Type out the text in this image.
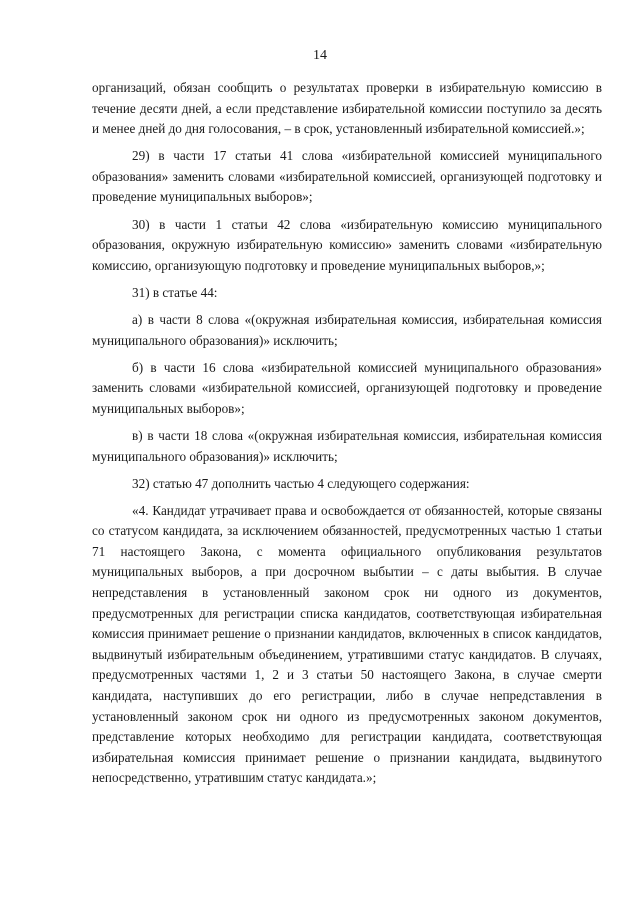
14

организаций, обязан сообщить о результатах проверки в избирательную комиссию в течение десяти дней, а если представление избирательной комиссии поступило за десять и менее дней до дня голосования, – в срок, установленный избирательной комиссией.»;

29) в части 17 статьи 41 слова «избирательной комиссией муниципального образования» заменить словами «избирательной комиссией, организующей подготовку и проведение муниципальных выборов»;

30) в части 1 статьи 42 слова «избирательную комиссию муниципального образования, окружную избирательную комиссию» заменить словами «избирательную комиссию, организующую подготовку и проведение муниципальных выборов,»;

31) в статье 44:

а) в части 8 слова «(окружная избирательная комиссия, избирательная комиссия муниципального образования)» исключить;

б) в части 16 слова «избирательной комиссией муниципального образования» заменить словами «избирательной комиссией, организующей подготовку и проведение муниципальных выборов»;

в) в части 18 слова «(окружная избирательная комиссия, избирательная комиссия муниципального образования)» исключить;

32) статью 47 дополнить частью 4 следующего содержания:

«4. Кандидат утрачивает права и освобождается от обязанностей, которые связаны со статусом кандидата, за исключением обязанностей, предусмотренных частью 1 статьи 71 настоящего Закона, с момента официального опубликования результатов муниципальных выборов, а при досрочном выбытии – с даты выбытия. В случае непредставления в установленный законом срок ни одного из документов, предусмотренных для регистрации списка кандидатов, соответствующая избирательная комиссия принимает решение о признании кандидатов, включенных в список кандидатов, выдвинутый избирательным объединением, утратившими статус кандидатов. В случаях, предусмотренных частями 1, 2 и 3 статьи 50 настоящего Закона, в случае смерти кандидата, наступивших до его регистрации, либо в случае непредставления в установленный законом срок ни одного из предусмотренных законом документов, представление которых необходимо для регистрации кандидата, соответствующая избирательная комиссия принимает решение о признании кандидата, выдвинутого непосредственно, утратившим статус кандидата.»;
